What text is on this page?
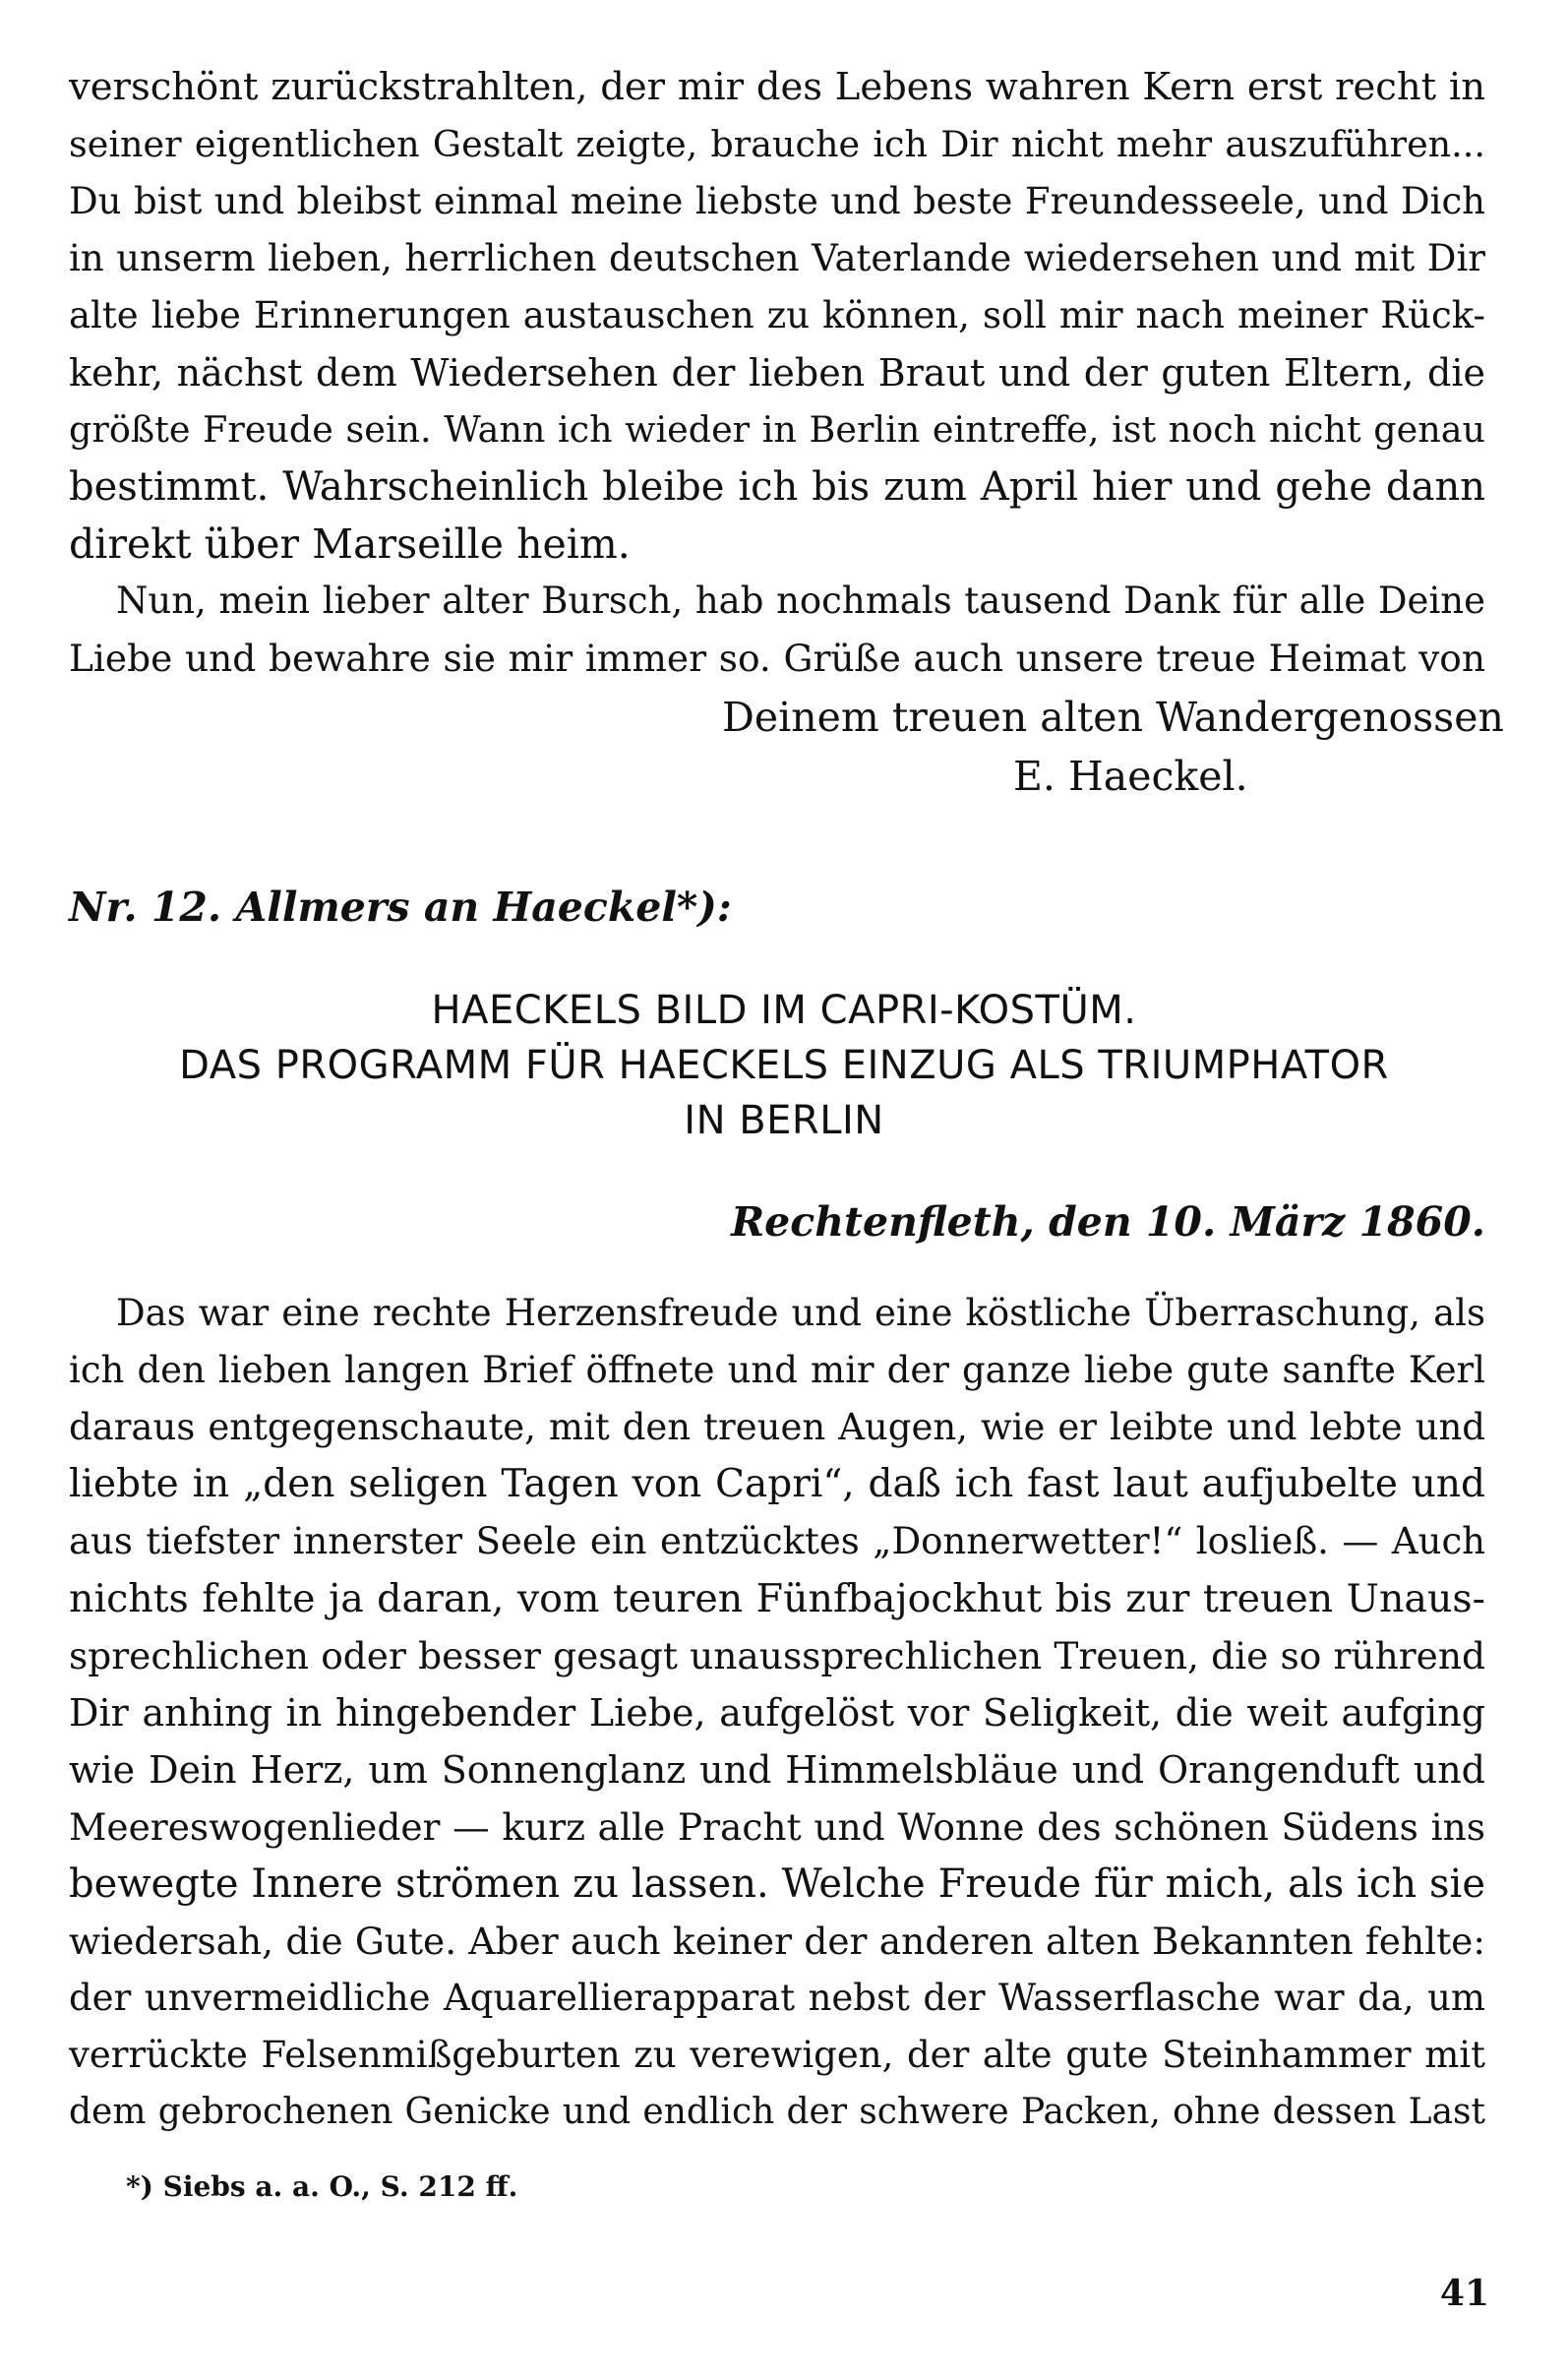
verschönt zurückstrahlten, der mir des Lebens wahren Kern erst recht in
seiner eigentlichen Gestalt zeigte, brauche ich Dir nicht mehr auszuführen...
Du bist und bleibst einmal meine liebste und beste Freundesseele, und Dich
in unserm lieben, herrlichen deutschen Vaterlande wiedersehen und mit Dir
alte liebe Erinnerungen austauschen zu können, soll mir nach meiner Rück-
kehr, nächst dem Wiedersehen der lieben Braut und der guten Eltern, die
größte Freude sein. Wann ich wieder in Berlin eintreffe, ist noch nicht genau
bestimmt. Wahrscheinlich bleibe ich bis zum April hier und gehe dann
direkt über Marseille heim.
Nun, mein lieber alter Bursch, hab nochmals tausend Dank für alle Deine
Liebe und bewahre sie mir immer so. Grüße auch unsere treue Heimat von
Deinem treuen alten Wandergenossen
E. Haeckel.
Nr. 12. Allmers an Haeckel*):
HAECKELS BILD IM CAPRI-KOSTÜM.
DAS PROGRAMM FÜR HAECKELS EINZUG ALS TRIUMPHATOR
IN BERLIN
Rechtenfleth, den 10. März 1860.
Das war eine rechte Herzensfreude und eine köstliche Überraschung, als
ich den lieben langen Brief öffnete und mir der ganze liebe gute sanfte Kerl
daraus entgegenschaute, mit den treuen Augen, wie er leibte und lebte und
liebte in „den seligen Tagen von Capri“, daß ich fast laut aufjubelte und
aus tiefster innerster Seele ein entzücktes „Donnerwetter!“ losließ. — Auch
nichts fehlte ja daran, vom teuren Fünfbajockhut bis zur treuen Unaus-
sprechlichen oder besser gesagt unaussprechlichen Treuen, die so rührend
Dir anhing in hingebender Liebe, aufgelöst vor Seligkeit, die weit aufging
wie Dein Herz, um Sonnenglanz und Himmelsbläue und Orangenduft und
Meereswogenlieder — kurz alle Pracht und Wonne des schönen Südens ins
bewegte Innere strömen zu lassen. Welche Freude für mich, als ich sie
wiedersah, die Gute. Aber auch keiner der anderen alten Bekannten fehlte:
der unvermeidliche Aquarellierapparat nebst der Wasserflasche war da, um
verrückte Felsenmißgeburten zu verewigen, der alte gute Steinhammer mit
dem gebrochenen Genicke und endlich der schwere Packen, ohne dessen Last
*) Siebs a. a. O., S. 212 ff.
41
